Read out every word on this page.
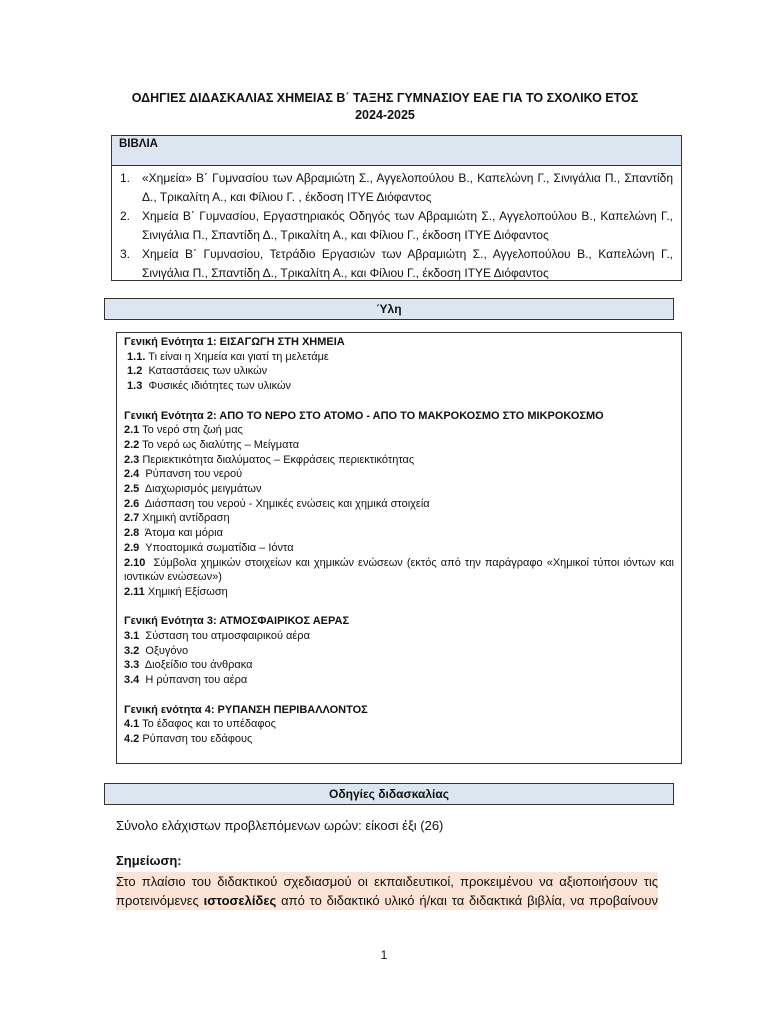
ΟΔΗΓΙΕΣ ΔΙΔΑΣΚΑΛΙΑΣ ΧΗΜΕΙΑΣ Β΄ ΤΑΞΗΣ ΓΥΜΝΑΣΙΟΥ ΕΑΕ ΓΙΑ ΤΟ ΣΧΟΛΙΚΟ ΕΤΟΣ 2024-2025
ΒΙΒΛΙΑ
1. «Χημεία» Β΄ Γυμνασίου των Αβραμιώτη Σ., Αγγελοπούλου Β., Καπελώνη Γ., Σινιγάλια Π., Σπαντίδη Δ., Τρικαλίτη Α., και Φίλιου Γ. , έκδοση ΙΤΥΕ Διόφαντος
2. Χημεία Β΄ Γυμνασίου, Εργαστηριακός Οδηγός των Αβραμιώτη Σ., Αγγελοπούλου Β., Καπελώνη Γ., Σινιγάλια Π., Σπαντίδη Δ., Τρικαλίτη Α., και Φίλιου Γ., έκδοση ΙΤΥΕ Διόφαντος
3. Χημεία Β΄ Γυμνασίου, Τετράδιο Εργασιών των Αβραμιώτη Σ., Αγγελοπούλου Β., Καπελώνη Γ., Σινιγάλια Π., Σπαντίδη Δ., Τρικαλίτη Α., και Φίλιου Γ., έκδοση ΙΤΥΕ Διόφαντος
Ύλη
Γενική Ενότητα 1: ΕΙΣΑΓΩΓΗ ΣΤΗ ΧΗΜΕΙΑ
1.1. Τι είναι η Χημεία και γιατί τη μελετάμε
1.2  Καταστάσεις των υλικών
1.3  Φυσικές ιδιότητες των υλικών
Γενική Ενότητα 2: ΑΠΟ ΤΟ ΝΕΡΟ ΣΤΟ ΑΤΟΜΟ - ΑΠΟ ΤΟ ΜΑΚΡΟΚΟΣΜΟ ΣΤΟ ΜΙΚΡΟΚΟΣΜΟ
2.1 Το νερό στη ζωή μας
2.2 Το νερό ως διαλύτης – Μείγματα
2.3 Περιεκτικότητα διαλύματος – Εκφράσεις περιεκτικότητας
2.4  Ρύπανση του νερού
2.5  Διαχωρισμός μειγμάτων
2.6  Διάσπαση του νερού - Χημικές ενώσεις και χημικά στοιχεία
2.7 Χημική αντίδραση
2.8  Άτομα και μόρια
2.9  Υποατομικά σωματίδια – Ιόντα
2.10  Σύμβολα χημικών στοιχείων και χημικών ενώσεων (εκτός από την παράγραφο «Χημικοί τύποι ιόντων και ιοντικών ενώσεων»)
2.11 Χημική Εξίσωση
Γενική Ενότητα 3: ΑΤΜΟΣΦΑΙΡΙΚΟΣ ΑΕΡΑΣ
3.1  Σύσταση του ατμοσφαιρικού αέρα
3.2  Οξυγόνο
3.3  Διοξείδιο του άνθρακα
3.4  Η ρύπανση του αέρα
Γενική ενότητα 4: ΡΥΠΑΝΣΗ ΠΕΡΙΒΑΛΛΟΝΤΟΣ
4.1 Το έδαφος και το υπέδαφος
4.2 Ρύπανση του εδάφους
Οδηγίες διδασκαλίας
Σύνολο ελάχιστων προβλεπόμενων ωρών: είκοσι έξι (26)
Σημείωση:
Στο πλαίσιο του διδακτικού σχεδιασμού οι εκπαιδευτικοί, προκειμένου να αξιοποιήσουν τις
προτεινόμενες ιστοσελίδες από το διδακτικό υλικό ή/και τα διδακτικά βιβλία, να προβαίνουν
1
